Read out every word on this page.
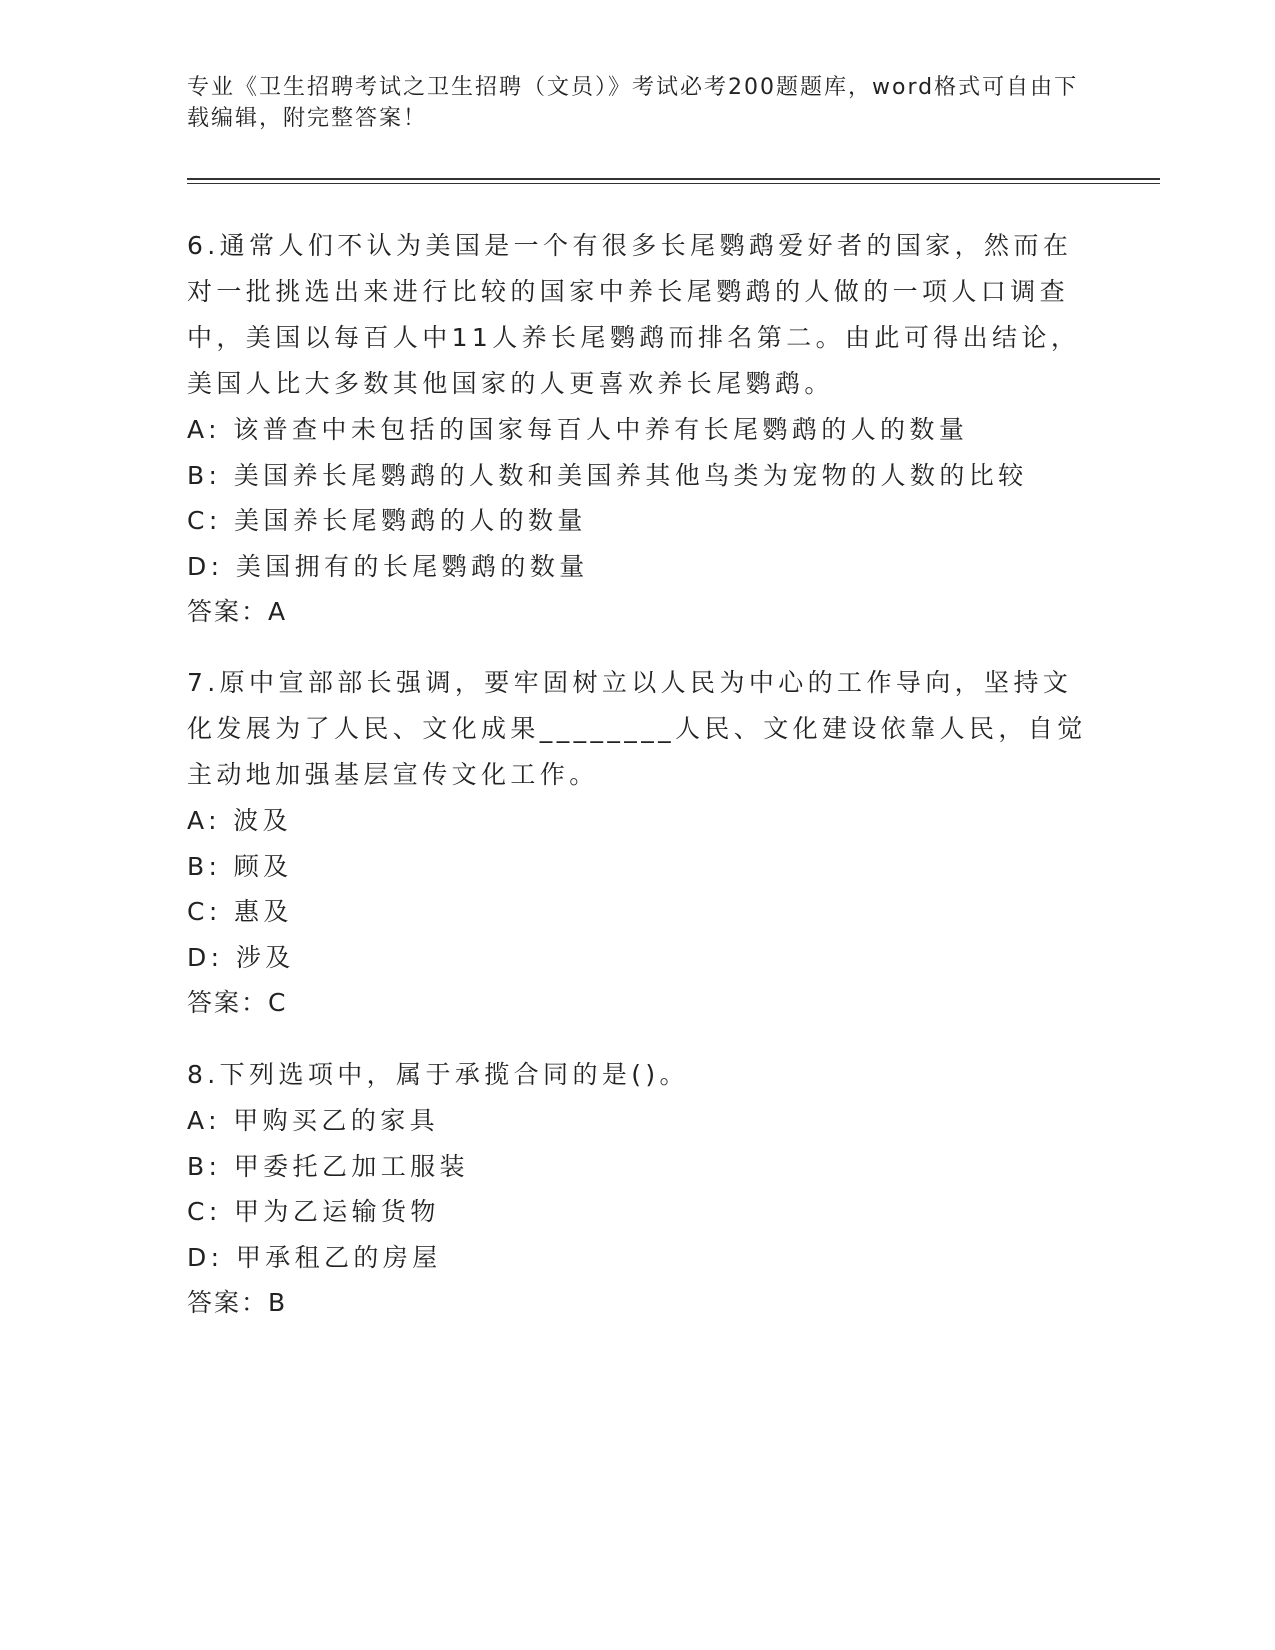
专业《卫生招聘考试之卫生招聘（文员）》考试必考200题题库，word格式可自由下载编辑，附完整答案！
6.通常人们不认为美国是一个有很多长尾鹦鹉爱好者的国家，然而在对一批挑选出来进行比较的国家中养长尾鹦鹉的人做的一项人口调查中，美国以每百人中11人养长尾鹦鹉而排名第二。由此可得出结论，美国人比大多数其他国家的人更喜欢养长尾鹦鹉。
A: 该普查中未包括的国家每百人中养有长尾鹦鹉的人的数量
B: 美国养长尾鹦鹉的人数和美国养其他鸟类为宠物的人数的比较
C: 美国养长尾鹦鹉的人的数量
D: 美国拥有的长尾鹦鹉的数量
答案：A
7.原中宣部部长强调，要牢固树立以人民为中心的工作导向，坚持文化发展为了人民、文化成果________人民、文化建设依靠人民，自觉主动地加强基层宣传文化工作。
A: 波及
B: 顾及
C: 惠及
D: 涉及
答案：C
8.下列选项中，属于承揽合同的是()。
A: 甲购买乙的家具
B: 甲委托乙加工服装
C: 甲为乙运输货物
D: 甲承租乙的房屋
答案：B
